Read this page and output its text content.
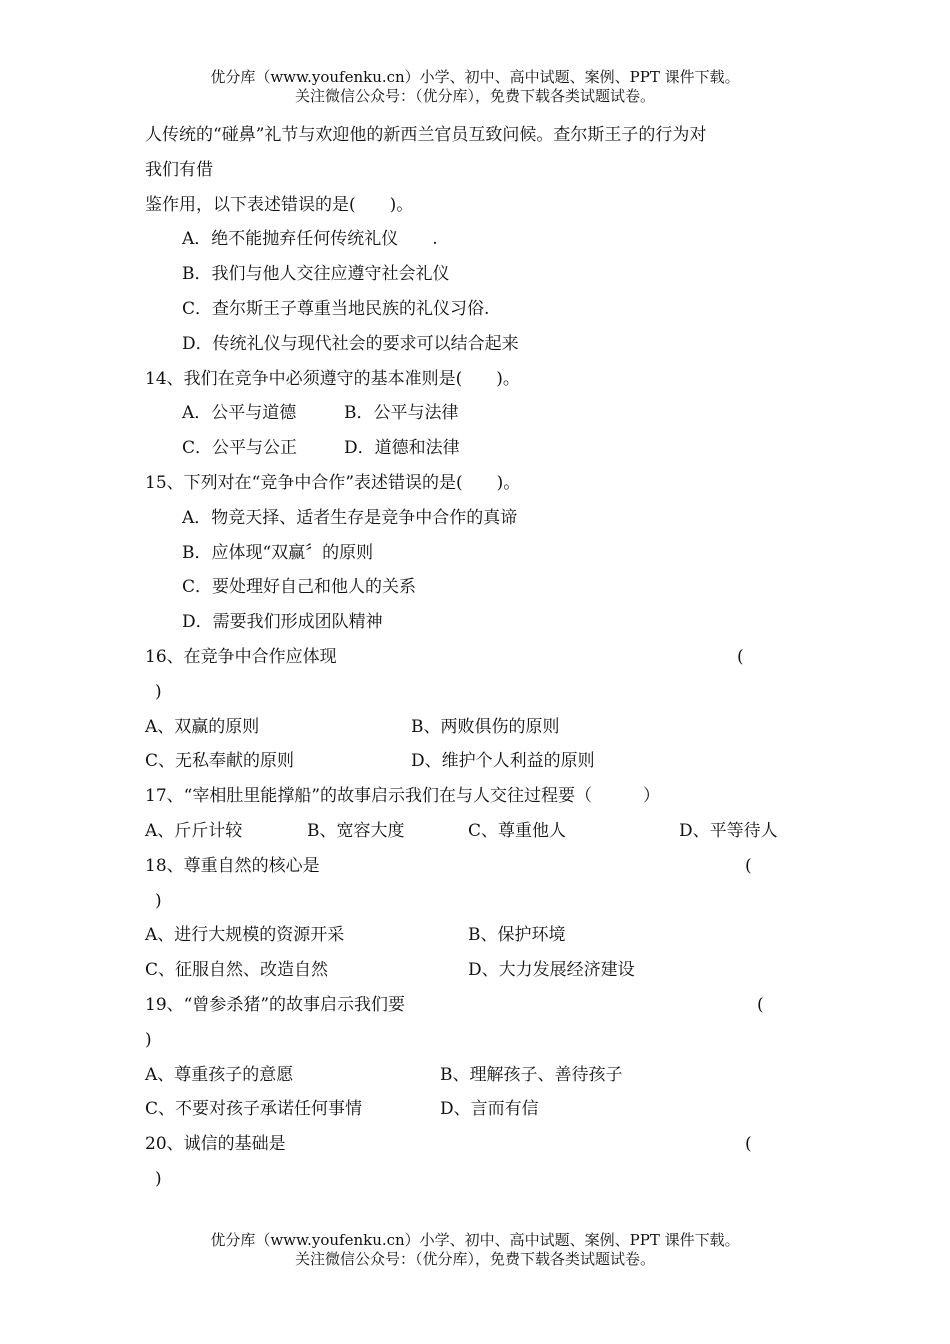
优分库（www.youfenku.cn）小学、初中、高中试题、案例、PPT 课件下载。
关注微信公众号：（优分库），免费下载各类试题试卷。
人传统的“碰鼻”礼节与欢迎他的新西兰官员互致问候。查尔斯王子的行为对
我们有借
鉴作用，以下表述错误的是(　　)。
A．绝不能抛弃任何传统礼仪　　.
B．我们与他人交往应遵守社会礼仪
C．查尔斯王子尊重当地民族的礼仪习俗.
D．传统礼仪与现代社会的要求可以结合起来
14、我们在竞争中必须遵守的基本准则是(　　)。
A．公平与道德	B．公平与法律
C．公平与公正	D．道德和法律
15、下列对在“竞争中合作”表述错误的是(　　)。
A．物竞天择、适者生存是竞争中合作的真谛
B．应体现“双赢〞的原则
C．要处理好自己和他人的关系
D．需要我们形成团队精神
16、在竞争中合作应体现	(
)
A、双赢的原则	B、两败俱伤的原则
C、无私奉献的原则	D、维护个人利益的原则
17、“宰相肚里能撑船”的故事启示我们在与人交往过程要（　　　）
A、斤斤计较	B、宽容大度	C、尊重他人	D、平等待人
18、尊重自然的核心是	(
)
A、进行大规模的资源开采	B、保护环境
C、征服自然、改造自然	D、大力发展经济建设
19、“曾参杀猪”的故事启示我们要	(
)
A、尊重孩子的意愿	B、理解孩子、善待孩子
C、不要对孩子承诺任何事情	D、言而有信
20、诚信的基础是	(
)
优分库（www.youfenku.cn）小学、初中、高中试题、案例、PPT 课件下载。
关注微信公众号：（优分库），免费下载各类试题试卷。
